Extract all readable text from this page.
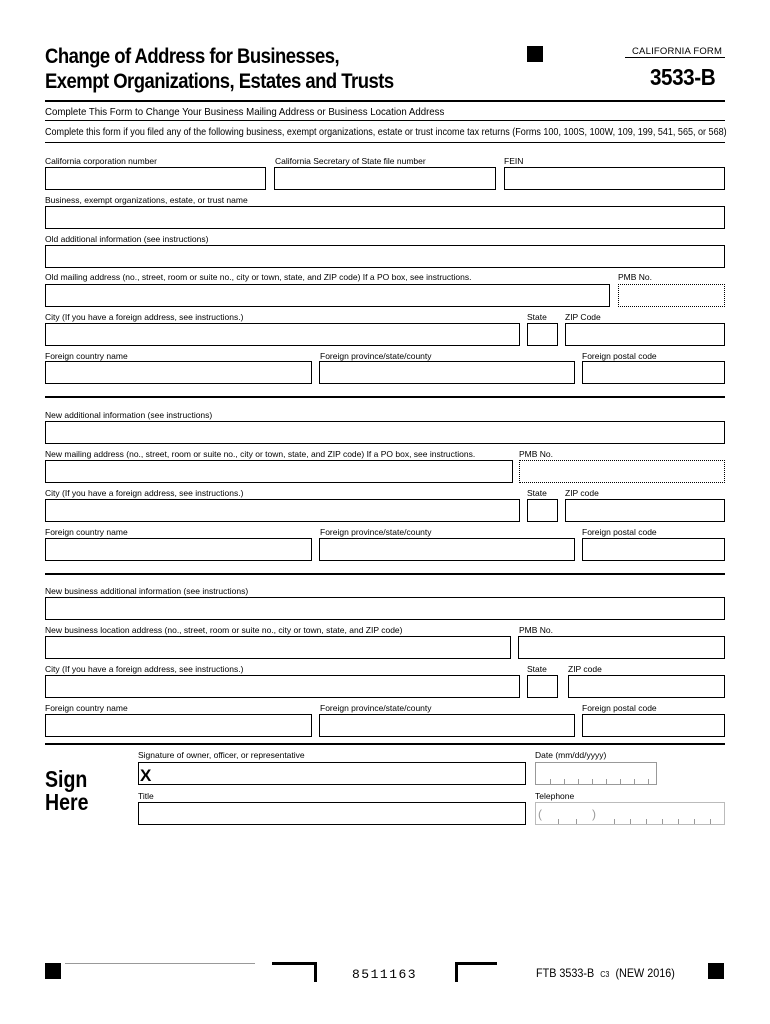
Change of Address for Businesses,
Exempt Organizations, Estates and Trusts
CALIFORNIA FORM
3533-B
Complete This Form to Change Your Business Mailing Address or Business Location Address
Complete this form if you filed any of the following business, exempt organizations, estate or trust income tax returns (Forms 100, 100S, 100W, 109, 199, 541, 565, or 568)
California corporation number	California Secretary of State file number	FEIN
Business, exempt organizations, estate, or trust name
Old additional information (see instructions)
Old mailing address (no., street, room or suite no., city or town, state, and ZIP code) If a PO box, see instructions.	PMB No.
City (If you have a foreign address, see instructions.)	State ZIP Code
Foreign country name	Foreign province/state/county	Foreign postal code
New additional information (see instructions)
New mailing address (no., street, room or suite no., city or town, state, and ZIP code) If a PO box, see instructions.	PMB No.
City (If you have a foreign address, see instructions.)	State ZIP code
Foreign country name	Foreign province/state/county	Foreign postal code
New business additional information (see instructions)
New business location address (no., street, room or suite no., city or town, state, and ZIP code)	PMB No.
City (If you have a foreign address, see instructions.)	State ZIP code
Foreign country name	Foreign province/state/county	Foreign postal code
Sign
Here
Signature of owner, officer, or representative	Date (mm/dd/yyyy)
X
Title	Telephone
(	)
8511163	FTB 3533-B C3 (NEW 2016)
